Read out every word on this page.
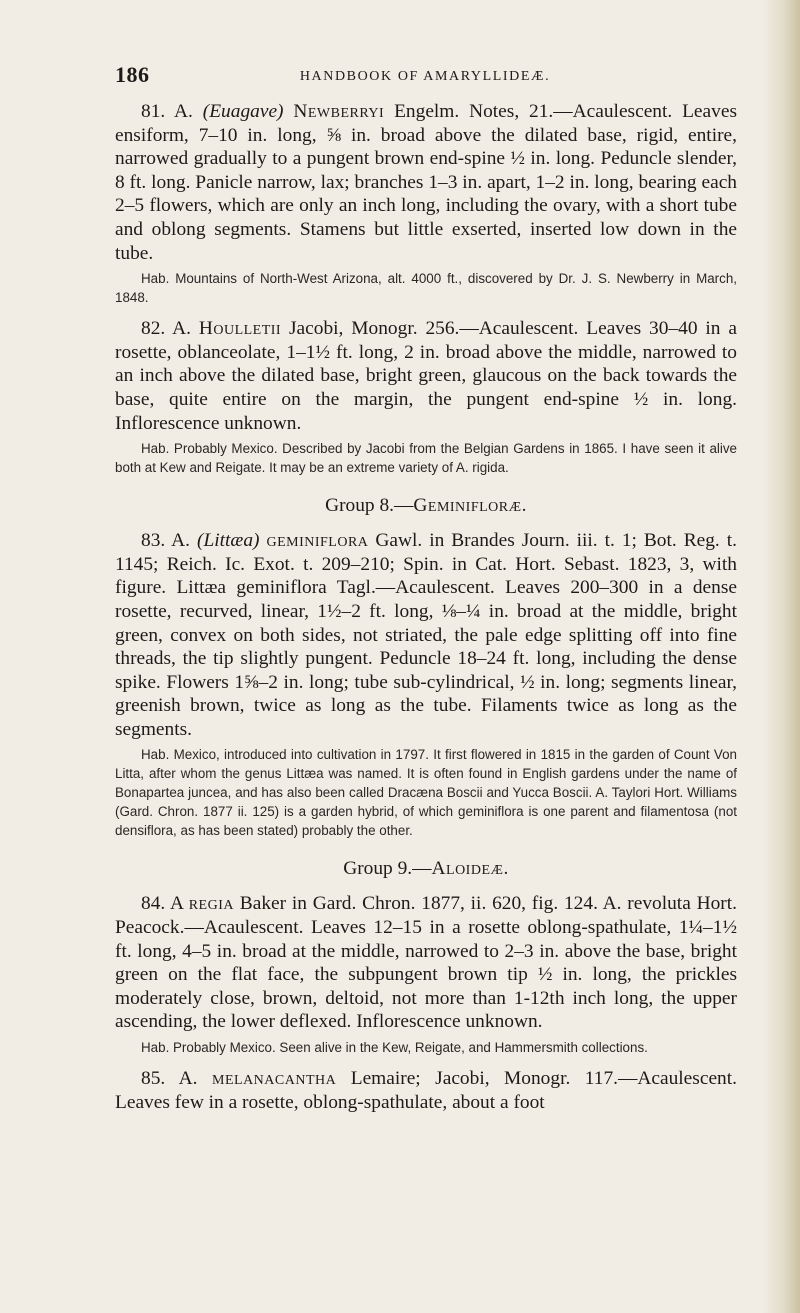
186	HANDBOOK OF AMARYLLIDEÆ.

81. A. (Euagave) Newberryi Engelm. Notes, 21.—Acaulescent. Leaves ensiform, 7–10 in. long, ⅝ in. broad above the dilated base, rigid, entire, narrowed gradually to a pungent brown end-spine ½ in. long. Peduncle slender, 8 ft. long. Panicle narrow, lax; branches 1–3 in. apart, 1–2 in. long, bearing each 2–5 flowers, which are only an inch long, including the ovary, with a short tube and oblong segments. Stamens but little exserted, inserted low down in the tube.

Hab. Mountains of North-West Arizona, alt. 4000 ft., discovered by Dr. J. S. Newberry in March, 1848.

82. A. Houlletii Jacobi, Monogr. 256.—Acaulescent. Leaves 30–40 in a rosette, oblanceolate, 1–1½ ft. long, 2 in. broad above the middle, narrowed to an inch above the dilated base, bright green, glaucous on the back towards the base, quite entire on the margin, the pungent end-spine ½ in. long. Inflorescence unknown.

Hab. Probably Mexico. Described by Jacobi from the Belgian Gardens in 1865. I have seen it alive both at Kew and Reigate. It may be an extreme variety of A. rigida.

Group 8.—Geminifloræ.

83. A. (Littæa) geminiflora Gawl. in Brandes Journ. iii. t. 1; Bot. Reg. t. 1145; Reich. Ic. Exot. t. 209–210; Spin. in Cat. Hort. Sebast. 1823, 3, with figure. Littæa geminiflora Tagl.—Acaulescent. Leaves 200–300 in a dense rosette, recurved, linear, 1½–2 ft. long, ⅛–¼ in. broad at the middle, bright green, convex on both sides, not striated, the pale edge splitting off into fine threads, the tip slightly pungent. Peduncle 18–24 ft. long, including the dense spike. Flowers 1⅝–2 in. long; tube sub-cylindrical, ½ in. long; segments linear, greenish brown, twice as long as the tube. Filaments twice as long as the segments.

Hab. Mexico, introduced into cultivation in 1797. It first flowered in 1815 in the garden of Count Von Litta, after whom the genus Littæa was named. It is often found in English gardens under the name of Bonapartea juncea, and has also been called Dracæna Boscii and Yucca Boscii. A. Taylori Hort. Williams (Gard. Chron. 1877 ii. 125) is a garden hybrid, of which geminiflora is one parent and filamentosa (not densiflora, as has been stated) probably the other.

Group 9.—Aloideæ.

84. A regia Baker in Gard. Chron. 1877, ii. 620, fig. 124. A. revoluta Hort. Peacock.—Acaulescent. Leaves 12–15 in a rosette oblong-spathulate, 1¼–1½ ft. long, 4–5 in. broad at the middle, narrowed to 2–3 in. above the base, bright green on the flat face, the subpungent brown tip ½ in. long, the prickles moderately close, brown, deltoid, not more than 1-12th inch long, the upper ascending, the lower deflexed. Inflorescence unknown.

Hab. Probably Mexico. Seen alive in the Kew, Reigate, and Hammersmith collections.

85. A. melanacantha Lemaire; Jacobi, Monogr. 117.—Acaulescent. Leaves few in a rosette, oblong-spathulate, about a foot
